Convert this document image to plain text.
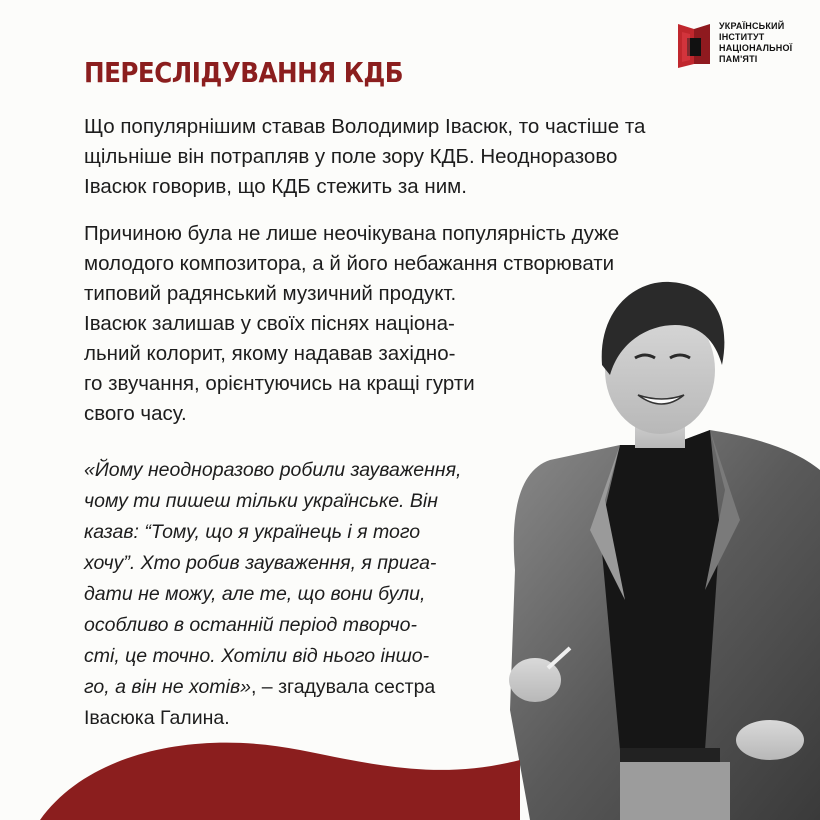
УКРАЇНСЬКИЙ
ІНСТИТУТ
НАЦІОНАЛЬНОЇ
ПАМ'ЯТІ
ПЕРЕСЛІДУВАННЯ КДБ

Що популярнішим ставав Володимир Івасюк, то частіше та
щільніше він потрапляв у поле зору КДБ. Неодноразово
Івасюк говорив, що КДБ стежить за ним.

Причиною була не лише неочікувана популярність дуже
молодого композитора, а й його небажання створювати
типовий радянський музичний продукт.
Івасюк залишав у своїх піснях націона-
льний колорит, якому надавав західно-
го звучання, орієнтуючись на кращі гурти
свого часу.

«Йому неодноразово робили зауваження,
чому ти пишеш тільки українське. Він
казав: “Тому, що я українець і я того
хочу”. Хто робив зауваження, я прига-
дати не можу, але те, що вони були,
особливо в останній період творчо-
сті, це точно. Хотіли від нього іншо-
го, а він не хотів», – згадувала сестра
Івасюка Галина.
